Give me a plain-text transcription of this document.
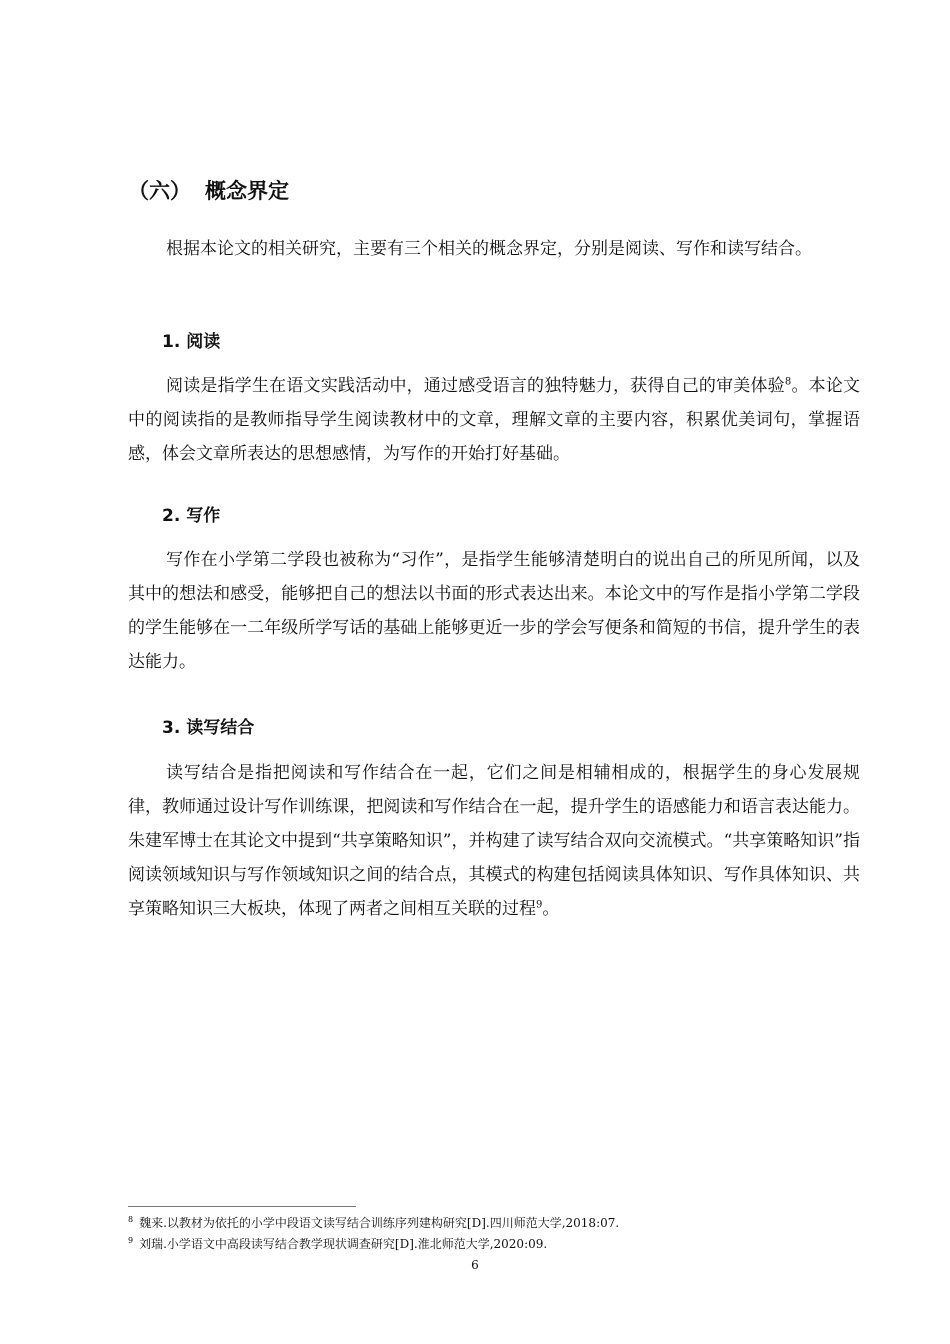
（六） 概念界定

根据本论文的相关研究，主要有三个相关的概念界定，分别是阅读、写作和读写结合。

1. 阅读

阅读是指学生在语文实践活动中，通过感受语言的独特魅力，获得自己的审美体验$^8$。本论文中的阅读指的是教师指导学生阅读教材中的文章，理解文章的主要内容，积累优美词句，掌握语感，体会文章所表达的思想感情，为写作的开始打好基础。

2. 写作

写作在小学第二学段也被称为“习作”，是指学生能够清楚明白的说出自己的所见所闻，以及其中的想法和感受，能够把自己的想法以书面的形式表达出来。本论文中的写作是指小学第二学段的学生能够在一二年级所学写话的基础上能够更近一步的学会写便条和简短的书信，提升学生的表达能力。

3. 读写结合

读写结合是指把阅读和写作结合在一起，它们之间是相辅相成的，根据学生的身心发展规律，教师通过设计写作训练课，把阅读和写作结合在一起，提升学生的语感能力和语言表达能力。朱建军博士在其论文中提到“共享策略知识”，并构建了读写结合双向交流模式。“共享策略知识”指阅读领域知识与写作领域知识之间的结合点，其模式的构建包括阅读具体知识、写作具体知识、共享策略知识三大板块，体现了两者之间相互关联的过程$^9$。

$^8$ 魏来.以教材为依托的小学中段语文读写结合训练序列建构研究[D].四川师范大学,2018:07.
$^9$ 刘瑞.小学语文中高段读写结合教学现状调查研究[D].淮北师范大学,2020:09.
6
